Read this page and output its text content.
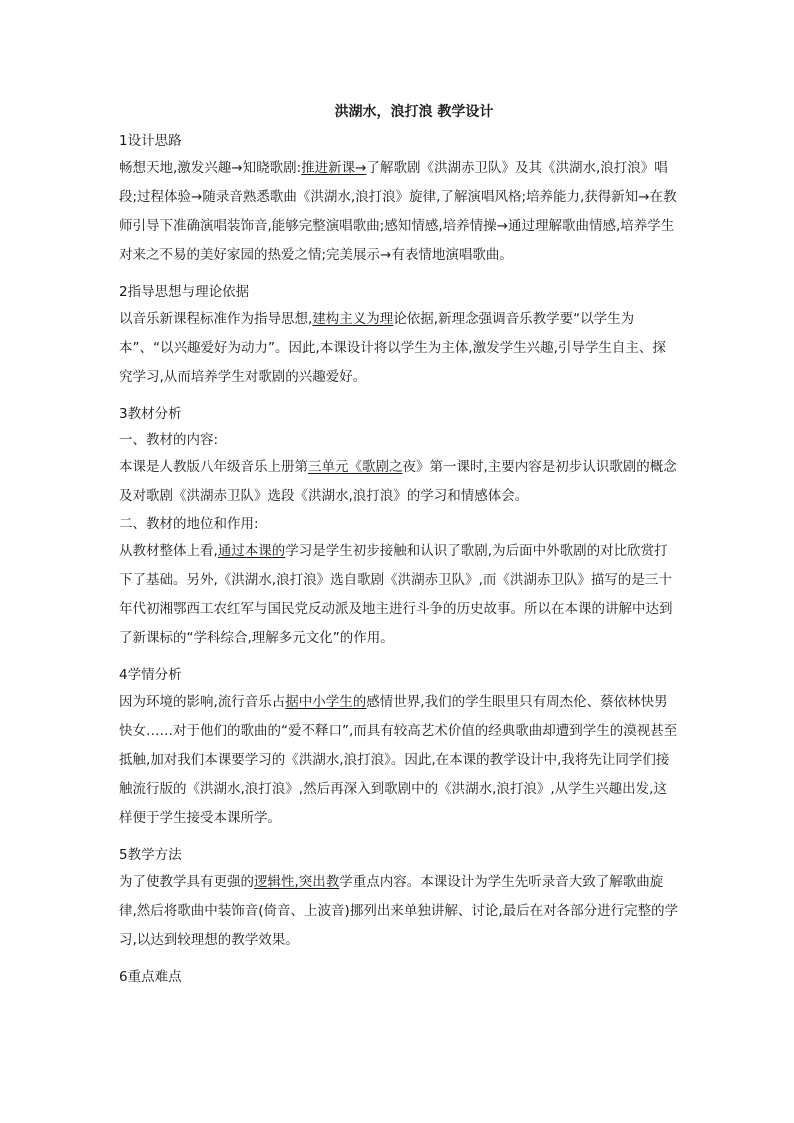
洪湖水，浪打浪 教学设计

1设计思路

畅想天地,激发兴趣→知晓歌剧:推进新课→了解歌剧《洪湖赤卫队》及其《洪湖水,浪打浪》唱段;过程体验→随录音熟悉歌曲《洪湖水,浪打浪》旋律,了解演唱风格;培养能力,获得新知→在教师引导下准确演唱装饰音,能够完整演唱歌曲;感知情感,培养情操→通过理解歌曲情感,培养学生对来之不易的美好家园的热爱之情;完美展示→有表情地演唱歌曲。

2指导思想与理论依据

以音乐新课程标准作为指导思想,建构主义为理论依据,新理念强调音乐教学要“以学生为本”、“以兴趣爱好为动力”。因此,本课设计将以学生为主体,激发学生兴趣,引导学生自主、探究学习,从而培养学生对歌剧的兴趣爱好。

3教材分析

一、教材的内容:

本课是人教版八年级音乐上册第三单元《歌剧之夜》第一课时,主要内容是初步认识歌剧的概念及对歌剧《洪湖赤卫队》选段《洪湖水,浪打浪》的学习和情感体会。

二、教材的地位和作用:

从教材整体上看,通过本课的学习是学生初步接触和认识了歌剧,为后面中外歌剧的对比欣赏打下了基础。另外,《洪湖水,浪打浪》选自歌剧《洪湖赤卫队》,而《洪湖赤卫队》描写的是三十年代初湘鄂西工农红军与国民党反动派及地主进行斗争的历史故事。所以在本课的讲解中达到了新课标的“学科综合,理解多元文化”的作用。

4学情分析

因为环境的影响,流行音乐占据中小学生的感情世界,我们的学生眼里只有周杰伦、蔡依林快男快女……对于他们的歌曲的“爱不释口”,而具有较高艺术价值的经典歌曲却遭到学生的漠视甚至抵触,加对我们本课要学习的《洪湖水,浪打浪》。因此,在本课的教学设计中,我将先让同学们接触流行版的《洪湖水,浪打浪》,然后再深入到歌剧中的《洪湖水,浪打浪》,从学生兴趣出发,这样便于学生接受本课所学。

5教学方法

为了使教学具有更强的逻辑性,突出教学重点内容。本课设计为学生先听录音大致了解歌曲旋律,然后将歌曲中装饰音(倚音、上波音)挪列出来单独讲解、讨论,最后在对各部分进行完整的学习,以达到较理想的教学效果。

6重点难点
